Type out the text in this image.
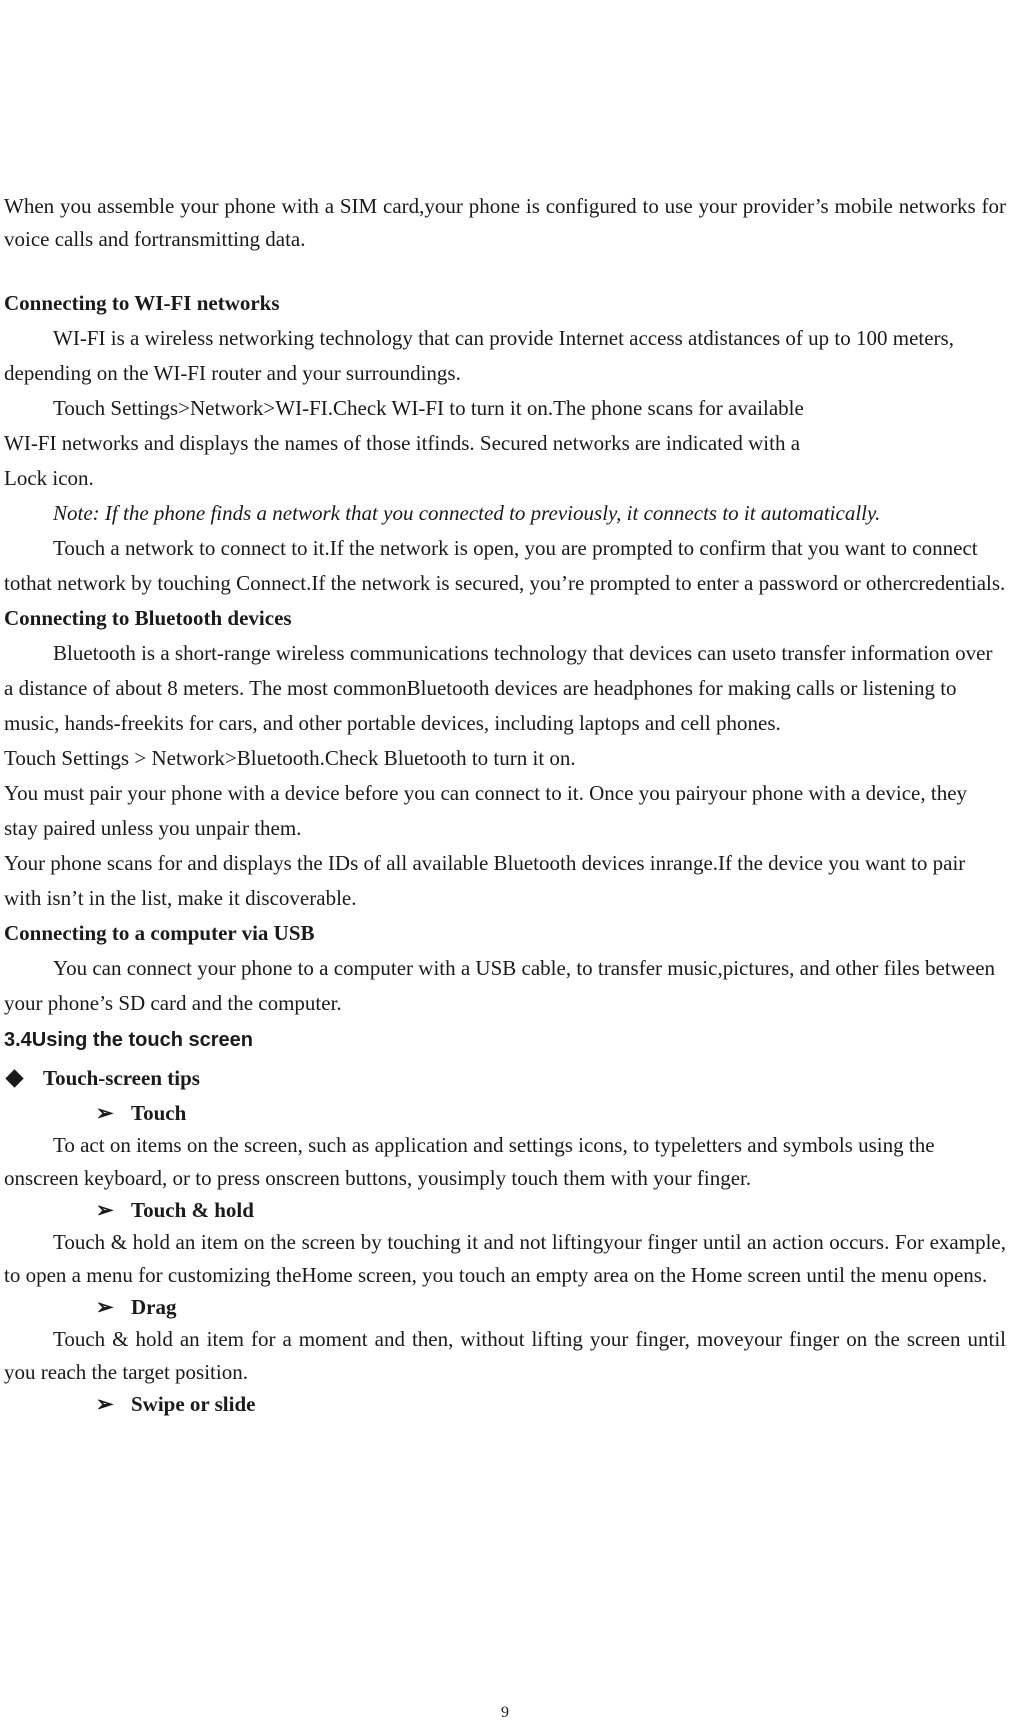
When you assemble your phone with a SIM card,your phone is configured to use your provider’s mobile networks for voice calls and fortransmitting data.

Connecting to WI-FI networks

WI-FI is a wireless networking technology that can provide Internet access atdistances of up to 100 meters, depending on the WI-FI router and your surroundings.

Touch Settings>Network>WI-FI.Check WI-FI to turn it on.The phone scans for available

WI-FI networks and displays the names of those itfinds. Secured networks are indicated with a

Lock icon.

Note: If the phone finds a network that you connected to previously, it connects to it automatically.

Touch a network to connect to it.If the network is open, you are prompted to confirm that you want to connect tothat network by touching Connect.If the network is secured, you’re prompted to enter a password or othercredentials.

Connecting to Bluetooth devices

Bluetooth is a short-range wireless communications technology that devices can useto transfer information over a distance of about 8 meters. The most commonBluetooth devices are headphones for making calls or listening to music, hands-freekits for cars, and other portable devices, including laptops and cell phones.

Touch Settings > Network>Bluetooth.Check Bluetooth to turn it on.

You must pair your phone with a device before you can connect to it. Once you pairyour phone with a device, they stay paired unless you unpair them.

Your phone scans for and displays the IDs of all available Bluetooth devices inrange.If the device you want to pair with isn’t in the list, make it discoverable.

Connecting to a computer via USB

You can connect your phone to a computer with a USB cable, to transfer music,pictures, and other files between your phone’s SD card and the computer.

3.4Using the touch screen

Touch-screen tips
➢ Touch

To act on items on the screen, such as application and settings icons, to typeletters and symbols using the onscreen keyboard, or to press onscreen buttons, yousimply touch them with your finger.

➢ Touch & hold

Touch & hold an item on the screen by touching it and not liftingyour finger until an action occurs. For example, to open a menu for customizing theHome screen, you touch an empty area on the Home screen until the menu opens.

➢ Drag

Touch & hold an item for a moment and then, without lifting your finger, moveyour finger on the screen until you reach the target position.

➢ Swipe or slide
9
